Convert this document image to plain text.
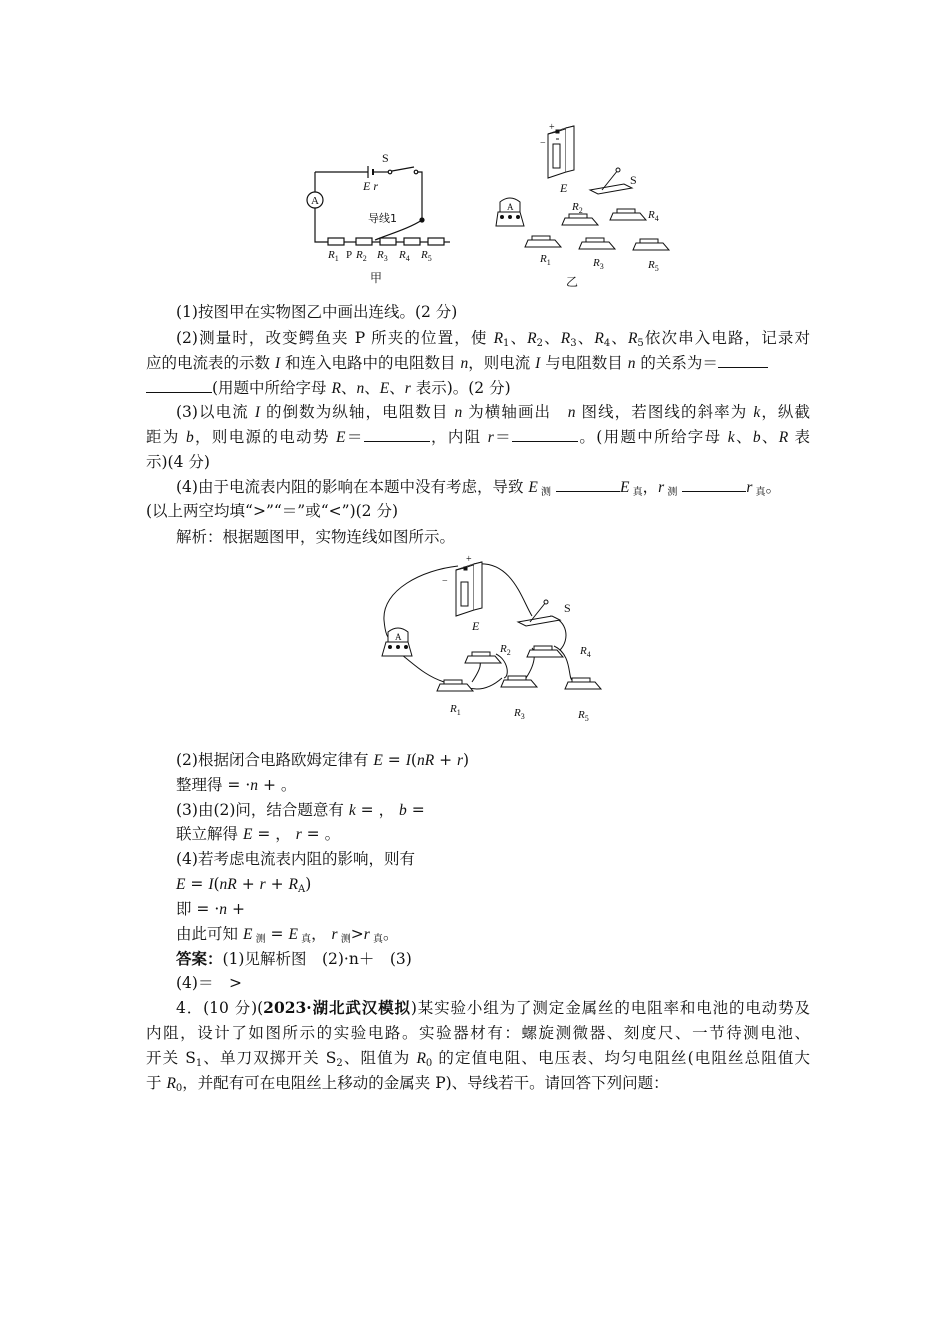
A
S
E r
导线1
$R_1$ P $R_2$ $R_3$ $R_4$ $R_5$
甲
+
−
E
S
A	$R_2$	$R_4$
$R_1$	$R_3$	$R_5$
乙
(1)按图甲在实物图乙中画出连线。(2 分)
(2)测量时，改变鳄鱼夹 P 所夹的位置，使 $R_1$、$R_2$、$R_3$、$R_4$、$R_5$依次串入电路，记录对
应的电流表的示数 I 和连入电路中的电阻数目 n，则电流 I 与电阻数目 n 的关系为＝
(用题中所给字母 R、n、E、r 表示)。(2 分)
(3)以电流 I 的倒数为纵轴，电阻数目 n 为横轴画出　n 图线，若图线的斜率为 k，纵截
距为 b，则电源的电动势 E＝	，内阻 r＝	。(用题中所给字母 k、b、R 表
示)(4 分)
(4)由于电流表内阻的影响在本题中没有考虑，导致 E $_测$	E $_真$，r $_测$	r $_真$。
(以上两空均填“>”“＝”或“<”)(2 分)
解析：根据题图甲，实物连线如图所示。
+
−
E
S
A
$R_2$	$R_4$
$R_1$	$R_3$	$R_5$
(2)根据闭合电路欧姆定律有 E = I(nR + r)
整理得 = ·n + 。
(3)由(2)问，结合题意有 k = ， b =
联立解得 E = ， r = 。
(4)若考虑电流表内阻的影响，则有
$E = I(nR + r + R_A)$
即 = ·n +
由此可知 E $_测$ = E $_真$， r $_测$>r $_真$。
答案：(1)见解析图　(2)·n＋　(3)
(4)＝　>
4．(10 分)(2023·湖北武汉模拟)某实验小组为了测定金属丝的电阻率和电池的电动势及
内阻，设计了如图所示的实验电路。实验器材有：螺旋测微器、刻度尺、一节待测电池、
开关 $S_1$、单刀双掷开关 $S_2$、阻值为 $R_0$ 的定值电阻、电压表、均匀电阻丝(电阻丝总阻值大
于 $R_0$，并配有可在电阻丝上移动的金属夹 P)、导线若干。请回答下列问题：
